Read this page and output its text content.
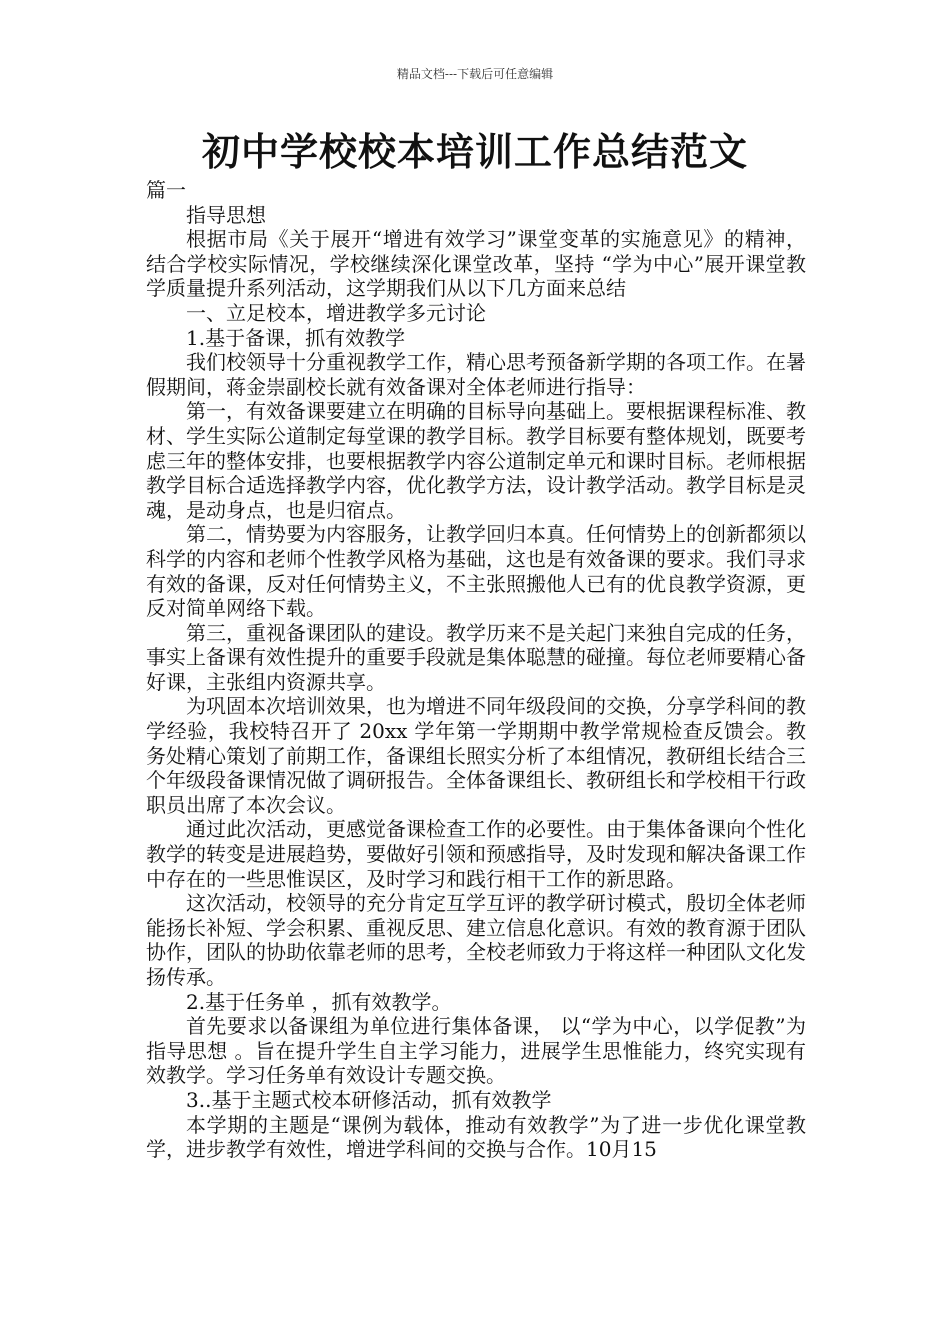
精品文档---下载后可任意编辑
初中学校校本培训工作总结范文

篇一

指导思想

根据市局《关于展开“增进有效学习”课堂变革的实施意见》的精神，结合学校实际情况，学校继续深化课堂改革，坚持 “学为中心”展开课堂教学质量提升系列活动，这学期我们从以下几方面来总结

一、立足校本，增进教学多元讨论

1.基于备课，抓有效教学

我们校领导十分重视教学工作，精心思考预备新学期的各项工作。在暑假期间，蒋金崇副校长就有效备课对全体老师进行指导：

第一，有效备课要建立在明确的目标导向基础上。要根据课程标准、教材、学生实际公道制定每堂课的教学目标。教学目标要有整体规划，既要考虑三年的整体安排，也要根据教学内容公道制定单元和课时目标。老师根据教学目标合适选择教学内容，优化教学方法，设计教学活动。教学目标是灵魂，是动身点，也是归宿点。

第二，情势要为内容服务，让教学回归本真。任何情势上的创新都须以科学的内容和老师个性教学风格为基础，这也是有效备课的要求。我们寻求有效的备课，反对任何情势主义，不主张照搬他人已有的优良教学资源，更反对简单网络下载。

第三，重视备课团队的建设。教学历来不是关起门来独自完成的任务，事实上备课有效性提升的重要手段就是集体聪慧的碰撞。每位老师要精心备好课，主张组内资源共享。

为巩固本次培训效果，也为增进不同年级段间的交换，分享学科间的教学经验，我校特召开了 20xx 学年第一学期期中教学常规检查反馈会。教务处精心策划了前期工作，备课组长照实分析了本组情况，教研组长结合三个年级段备课情况做了调研报告。全体备课组长、教研组长和学校相干行政职员出席了本次会议。

通过此次活动，更感觉备课检查工作的必要性。由于集体备课向个性化教学的转变是进展趋势，要做好引领和预感指导，及时发现和解决备课工作中存在的一些思惟误区，及时学习和践行相干工作的新思路。

这次活动，校领导的充分肯定互学互评的教学研讨模式，殷切全体老师能扬长补短、学会积累、重视反思、建立信息化意识。有效的教育源于团队协作，团队的协助依靠老师的思考，全校老师致力于将这样一种团队文化发扬传承。

2.基于任务单 ，抓有效教学。

首先要求以备课组为单位进行集体备课， 以“学为中心，以学促教”为指导思想 。旨在提升学生自主学习能力，进展学生思惟能力，终究实现有效教学。学习任务单有效设计专题交换。

3..基于主题式校本研修活动，抓有效教学

本学期的主题是“课例为载体，推动有效教学”为了进一步优化课堂教学，进步教学有效性，增进学科间的交换与合作。10月15
